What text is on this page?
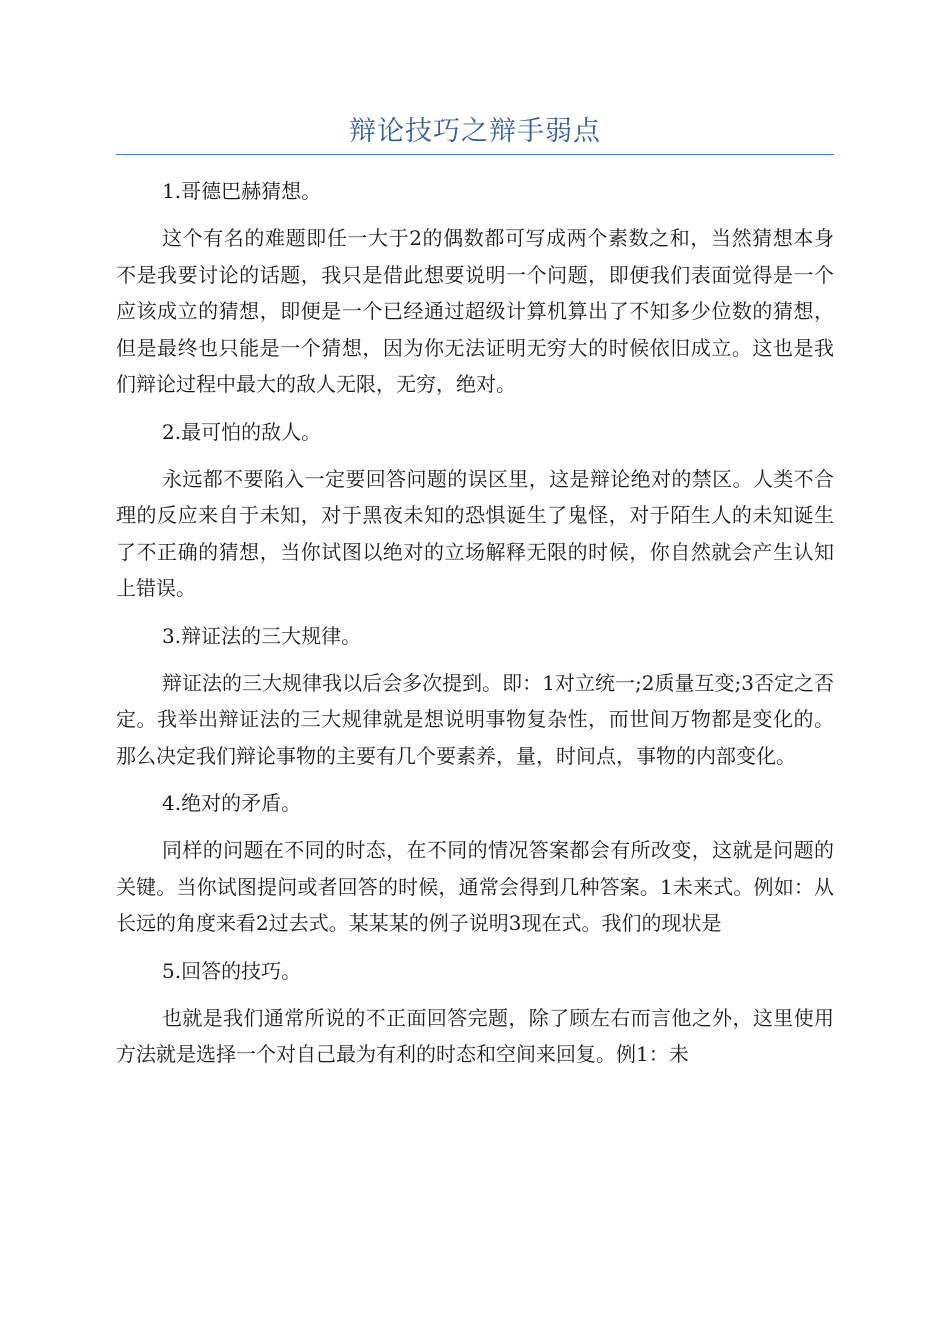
辩论技巧之辩手弱点

1.哥德巴赫猜想。

这个有名的难题即任一大于2的偶数都可写成两个素数之和，当然猜想本身不是我要讨论的话题，我只是借此想要说明一个问题，即便我们表面觉得是一个应该成立的猜想，即便是一个已经通过超级计算机算出了不知多少位数的猜想，但是最终也只能是一个猜想，因为你无法证明无穷大的时候依旧成立。这也是我们辩论过程中最大的敌人无限，无穷，绝对。

2.最可怕的敌人。

永远都不要陷入一定要回答问题的误区里，这是辩论绝对的禁区。人类不合理的反应来自于未知，对于黑夜未知的恐惧诞生了鬼怪，对于陌生人的未知诞生了不正确的猜想，当你试图以绝对的立场解释无限的时候，你自然就会产生认知上错误。

3.辩证法的三大规律。

辩证法的三大规律我以后会多次提到。即：1对立统一;2质量互变;3否定之否定。我举出辩证法的三大规律就是想说明事物复杂性，而世间万物都是变化的。那么决定我们辩论事物的主要有几个要素养，量，时间点，事物的内部变化。

4.绝对的矛盾。

同样的问题在不同的时态，在不同的情况答案都会有所改变，这就是问题的关键。当你试图提问或者回答的时候，通常会得到几种答案。1未来式。例如：从长远的角度来看2过去式。某某某的例子说明3现在式。我们的现状是

5.回答的技巧。

也就是我们通常所说的不正面回答完题，除了顾左右而言他之外，这里使用方法就是选择一个对自己最为有利的时态和空间来回复。例1：未
